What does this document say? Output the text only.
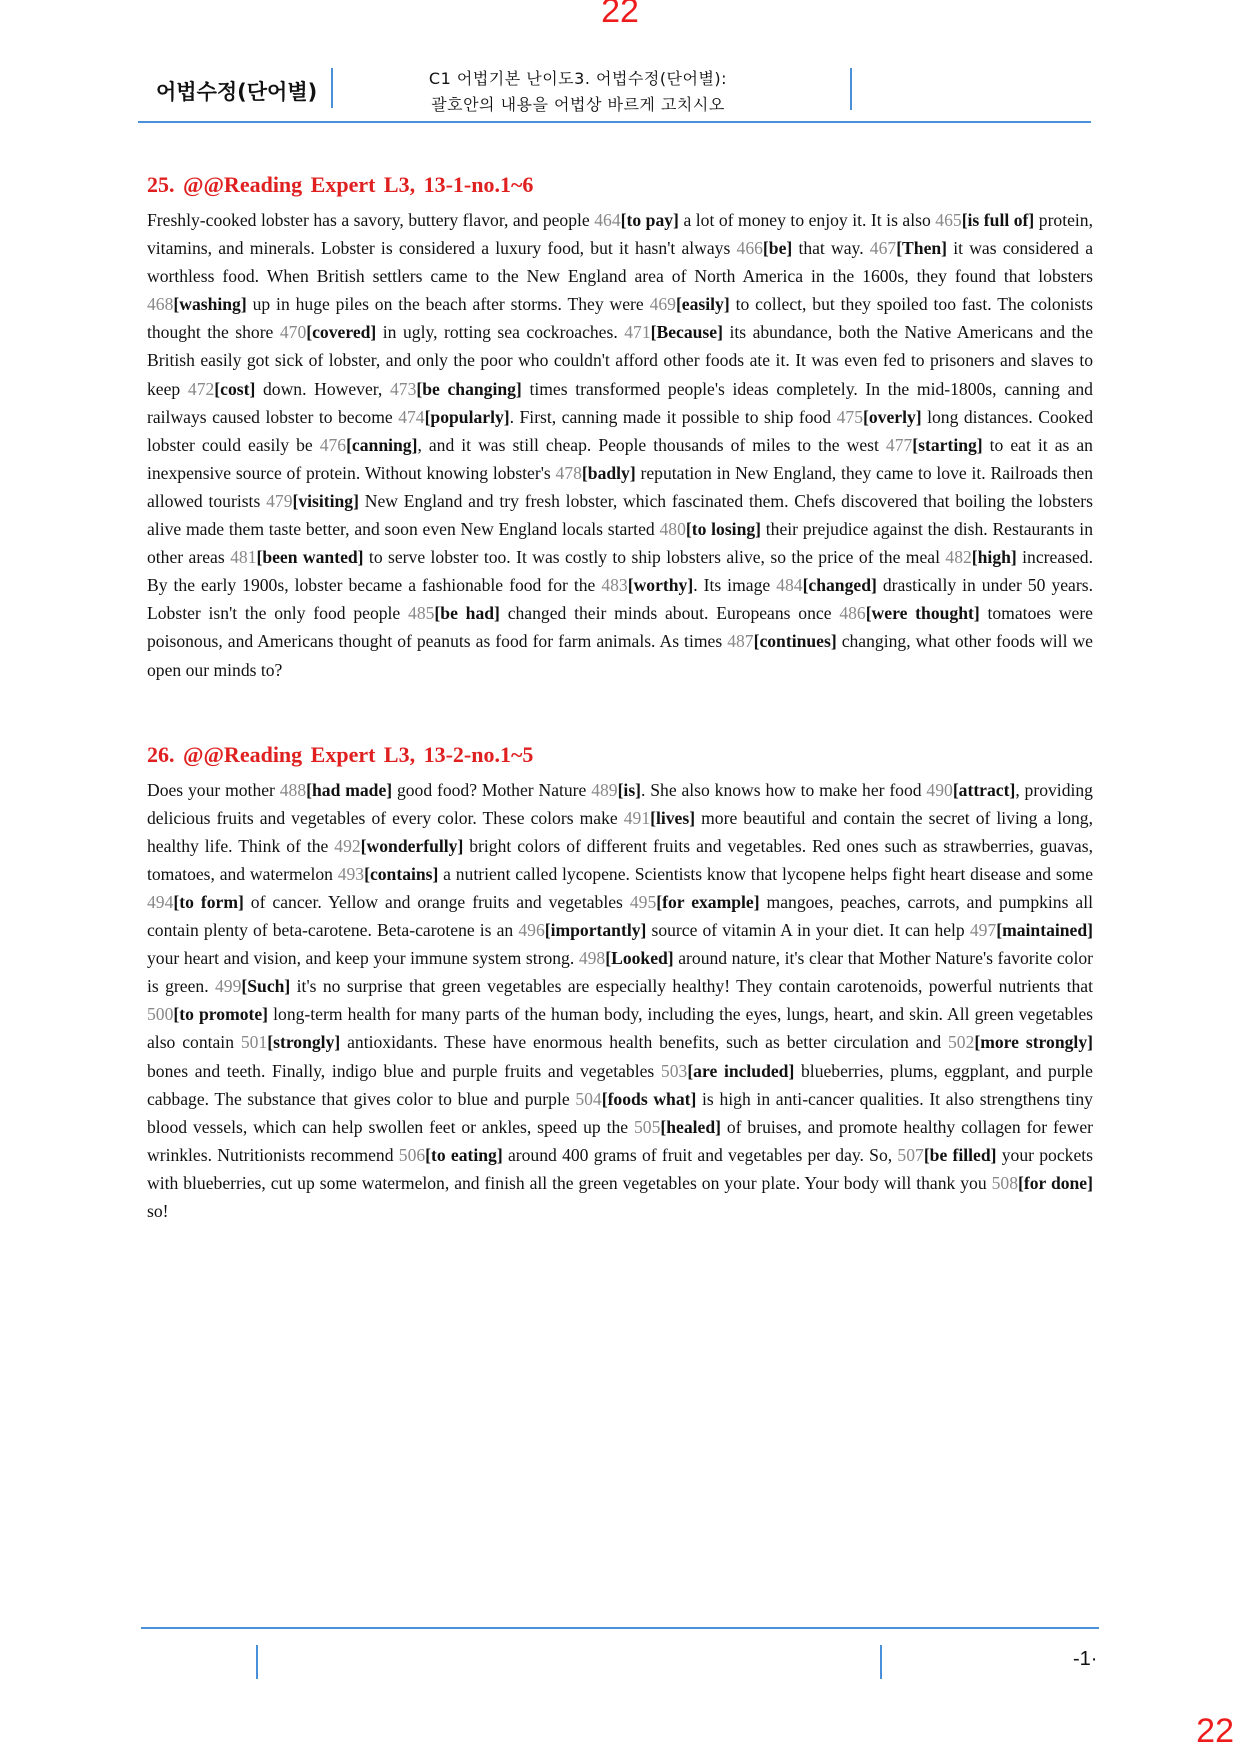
22
어법수정(단어별)
C1 어법기본 난이도3. 어법수정(단어별):
괄호안의 내용을 어법상 바르게 고치시오
25. @@Reading Expert L3, 13-1-no.1~6

Freshly-cooked lobster has a savory, buttery flavor, and people 464[to pay] a lot of money to enjoy it. It is also 465[is full of] protein, vitamins, and minerals. Lobster is considered a luxury food, but it hasn't always 466[be] that way. 467[Then] it was considered a worthless food. When British settlers came to the New England area of North America in the 1600s, they found that lobsters 468[washing] up in huge piles on the beach after storms. They were 469[easily] to collect, but they spoiled too fast. The colonists thought the shore 470[covered] in ugly, rotting sea cockroaches. 471[Because] its abundance, both the Native Americans and the British easily got sick of lobster, and only the poor who couldn't afford other foods ate it. It was even fed to prisoners and slaves to keep 472[cost] down. However, 473[be changing] times transformed people's ideas completely. In the mid-1800s, canning and railways caused lobster to become 474[popularly]. First, canning made it possible to ship food 475[overly] long distances. Cooked lobster could easily be 476[canning], and it was still cheap. People thousands of miles to the west 477[starting] to eat it as an inexpensive source of protein. Without knowing lobster's 478[badly] reputation in New England, they came to love it. Railroads then allowed tourists 479[visiting] New England and try fresh lobster, which fascinated them. Chefs discovered that boiling the lobsters alive made them taste better, and soon even New England locals started 480[to losing] their prejudice against the dish. Restaurants in other areas 481[been wanted] to serve lobster too. It was costly to ship lobsters alive, so the price of the meal 482[high] increased. By the early 1900s, lobster became a fashionable food for the 483[worthy]. Its image 484[changed] drastically in under 50 years. Lobster isn't the only food people 485[be had] changed their minds about. Europeans once 486[were thought] tomatoes were poisonous, and Americans thought of peanuts as food for farm animals. As times 487[continues] changing, what other foods will we open our minds to?

26. @@Reading Expert L3, 13-2-no.1~5

Does your mother 488[had made] good food? Mother Nature 489[is]. She also knows how to make her food 490[attract], providing delicious fruits and vegetables of every color. These colors make 491[lives] more beautiful and contain the secret of living a long, healthy life. Think of the 492[wonderfully] bright colors of different fruits and vegetables. Red ones such as strawberries, guavas, tomatoes, and watermelon 493[contains] a nutrient called lycopene. Scientists know that lycopene helps fight heart disease and some 494[to form] of cancer. Yellow and orange fruits and vegetables 495[for example] mangoes, peaches, carrots, and pumpkins all contain plenty of beta-carotene. Beta-carotene is an 496[importantly] source of vitamin A in your diet. It can help 497[maintained] your heart and vision, and keep your immune system strong. 498[Looked] around nature, it's clear that Mother Nature's favorite color is green. 499[Such] it's no surprise that green vegetables are especially healthy! They contain carotenoids, powerful nutrients that 500[to promote] long-term health for many parts of the human body, including the eyes, lungs, heart, and skin. All green vegetables also contain 501[strongly] antioxidants. These have enormous health benefits, such as better circulation and 502[more strongly] bones and teeth. Finally, indigo blue and purple fruits and vegetables 503[are included] blueberries, plums, eggplant, and purple cabbage. The substance that gives color to blue and purple 504[foods what] is high in anti-cancer qualities. It also strengthens tiny blood vessels, which can help swollen feet or ankles, speed up the 505[healed] of bruises, and promote healthy collagen for fewer wrinkles. Nutritionists recommend 506[to eating] around 400 grams of fruit and vegetables per day. So, 507[be filled] your pockets with blueberries, cut up some watermelon, and finish all the green vegetables on your plate. Your body will thank you 508[for done] so!

-1·
22
